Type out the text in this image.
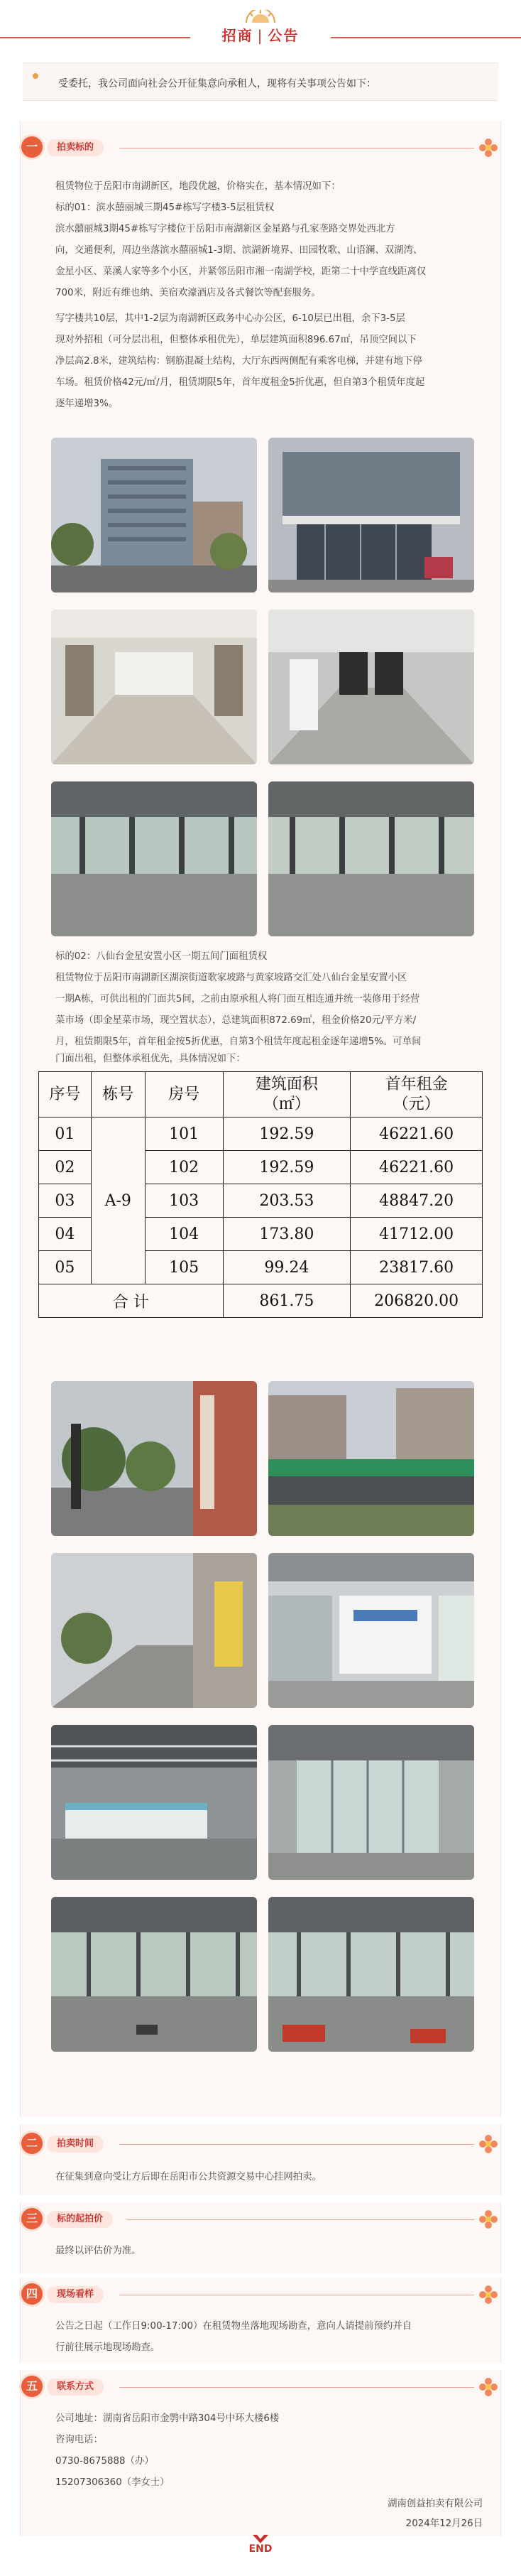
招商 | 公告

受委托，我公司面向社会公开征集意向承租人，现将有关事项公告如下：

一	拍卖标的
租赁物位于岳阳市南湖新区，地段优越，价格实在，基本情况如下：
标的01：滨水囍丽城三期45#栋写字楼3-5层租赁权
滨水囍丽城3期45#栋写字楼位于岳阳市南湖新区金星路与孔家垄路交界处西北方
向，交通便利，周边坐落滨水囍丽城1-3期、滨湖新境界、田园牧歌、山语澜、双湖湾、
金星小区、菜溪人家等多个小区，并紧邻岳阳市湘一南湖学校，距第二十中学直线距离仅
700米，附近有维也纳、美宿欢濠酒店及各式餐饮等配套服务。
写字楼共10层，其中1-2层为南湖新区政务中心办公区，6-10层已出租，余下3-5层
现对外招租（可分层出租，但整体承租优先），单层建筑面积896.67㎡，吊顶空间以下
净层高2.8米，建筑结构：钢筋混凝土结构，大厅东西两侧配有乘客电梯，并建有地下停
车场。租赁价格42元/㎡/月，租赁期限5年，首年度租金5折优惠，但自第3个租赁年度起
逐年递增3%。
标的02：八仙台金星安置小区一期五间门面租赁权
租赁物位于岳阳市南湖新区湖滨街道歌家坡路与黄家坡路交汇处八仙台金星安置小区
一期A栋，可供出租的门面共5间，之前由原承租人将门面互相连通并统一装修用于经营
菜市场（即金星菜市场，现空置状态），总建筑面积872.69㎡，租金价格20元/平方米/
月，租赁期限5年，首年租金按5折优惠，自第3个租赁年度起租金逐年递增5%。可单间
门面出租，但整体承租优先，具体情况如下：
序号	栋号	房号	建筑面积
（㎡）	首年租金
（元）
01	A-9	101	192.59	46221.60
02		102	192.59	46221.60
03		103	203.53	48847.20
04		104	173.80	41712.00
05		105	99.24	23817.60
合 计			861.75	206820.00
二	拍卖时间
在征集到意向受让方后即在岳阳市公共资源交易中心挂网拍卖。
三	标的起拍价
最终以评估价为准。
四	现场看样
公告之日起（工作日9:00-17:00）在租赁物坐落地现场勘查，意向人请提前预约并自
行前往展示地现场勘查。
五	联系方式
公司地址：湖南省岳阳市金鹗中路304号中环大楼6楼
咨询电话：
0730-8675888（办）
15207306360（李女士）
湖南创益拍卖有限公司
2024年12月26日
END
